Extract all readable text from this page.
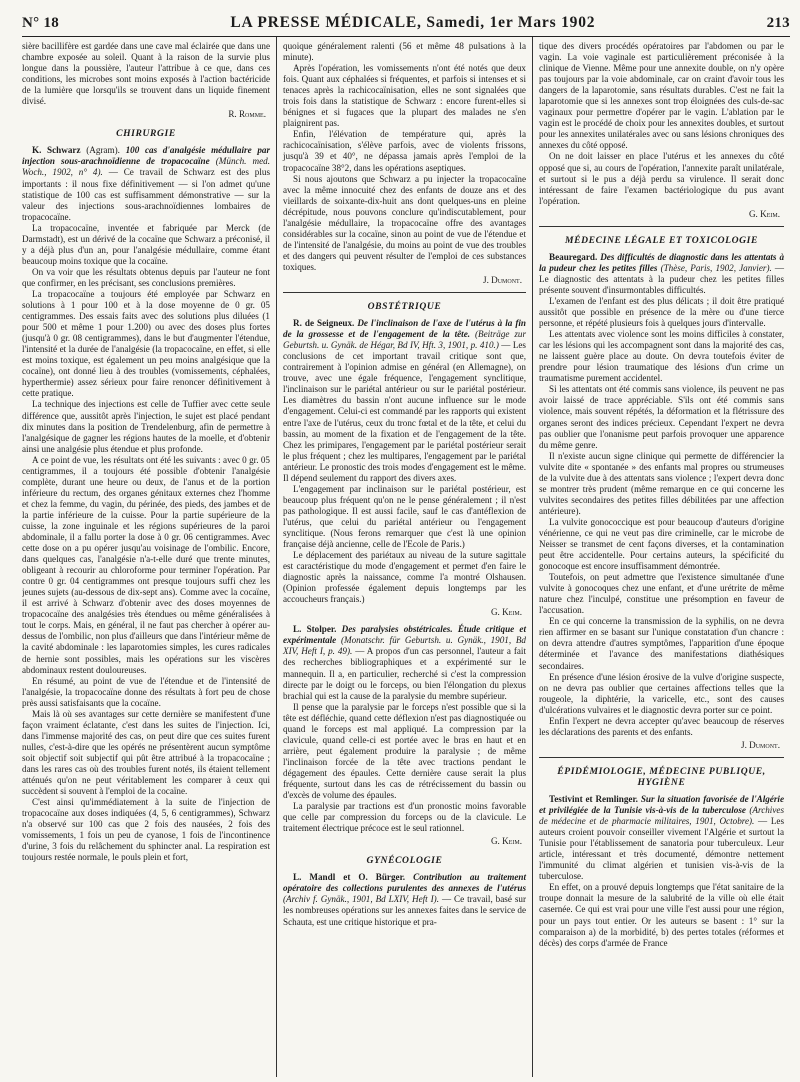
N° 18	LA PRESSE MÉDICALE, Samedi, 1er Mars 1902	213

sière bacillifère est gardée dans une cave mal éclairée que dans une chambre exposée au soleil. Quant à la raison de la survie plus longue dans la poussière, l'auteur l'attribue à ce que, dans ces conditions, les microbes sont moins exposés à l'action bactéricide de la lumière que lorsqu'ils se trouvent dans un liquide finement divisé.

R. Romme.

CHIRURGIE

K. Schwarz (Agram). 100 cas d'analgésie médullaire par injection sous-arachnoïdienne de tropacocaïne (Münch. med. Woch., 1902, n° 4). — Ce travail de Schwarz est des plus importants : il nous fixe définitivement — si l'on admet qu'une statistique de 100 cas est suffisamment démonstrative — sur la valeur des injections sous-arachnoïdiennes lombaires de tropacocaïne.

La tropacocaïne, inventée et fabriquée par Merck (de Darmstadt), est un dérivé de la cocaïne que Schwarz a préconisé, il y a déjà plus d'un an, pour l'analgésie médullaire, comme étant beaucoup moins toxique que la cocaïne.

On va voir que les résultats obtenus depuis par l'auteur ne font que confirmer, en les précisant, ses conclusions premières.

La tropacocaïne a toujours été employée par Schwarz en solutions à 1 pour 100 et à la dose moyenne de 0 gr. 05 centigrammes. Des essais faits avec des solutions plus diluées (1 pour 500 et même 1 pour 1.200) ou avec des doses plus fortes (jusqu'à 0 gr. 08 centigrammes), dans le but d'augmenter l'étendue, l'intensité et la durée de l'analgésie (la tropacocaïne, en effet, si elle est moins toxique, est également un peu moins analgésique que la cocaïne), ont donné lieu à des troubles (vomissements, céphalées, hyperthermie) assez sérieux pour faire renoncer définitivement à cette pratique.

La technique des injections est celle de Tuffier avec cette seule différence que, aussitôt après l'injection, le sujet est placé pendant dix minutes dans la position de Trendelenburg, afin de permettre à l'analgésique de gagner les régions hautes de la moelle, et d'obtenir ainsi une analgésie plus étendue et plus profonde.

A ce point de vue, les résultats ont été les suivants : avec 0 gr. 05 centigrammes, il a toujours été possible d'obtenir l'analgésie complète, durant une heure ou deux, de l'anus et de la portion inférieure du rectum, des organes génitaux externes chez l'homme et chez la femme, du vagin, du périnée, des pieds, des jambes et de la partie inférieure de la cuisse. Pour la partie supérieure de la cuisse, la zone inguinale et les régions supérieures de la paroi abdominale, il a fallu porter la dose à 0 gr. 06 centigrammes. Avec cette dose on a pu opérer jusqu'au voisinage de l'ombilic. Encore, dans quelques cas, l'analgésie n'a-t-elle duré que trente minutes, obligeant à recourir au chloroforme pour terminer l'opération. Par contre 0 gr. 04 centigrammes ont presque toujours suffi chez les jeunes sujets (au-dessous de dix-sept ans). Comme avec la cocaïne, il est arrivé à Schwarz d'obtenir avec des doses moyennes de tropacocaïne des analgésies très étendues ou même généralisées à tout le corps. Mais, en général, il ne faut pas chercher à opérer au-dessus de l'ombilic, non plus d'ailleurs que dans l'intérieur même de la cavité abdominale : les laparotomies simples, les cures radicales de hernie sont possibles, mais les opérations sur les viscères abdominaux restent douloureuses.

En résumé, au point de vue de l'étendue et de l'intensité de l'analgésie, la tropacocaïne donne des résultats à fort peu de chose près aussi satisfaisants que la cocaïne.

Mais là où ses avantages sur cette dernière se manifestent d'une façon vraiment éclatante, c'est dans les suites de l'injection. Ici, dans l'immense majorité des cas, on peut dire que ces suites furent nulles, c'est-à-dire que les opérés ne présentèrent aucun symptôme soit objectif soit subjectif qui pût être attribué à la tropacocaïne ; dans les rares cas où des troubles furent notés, ils étaient tellement atténués qu'on ne peut véritablement les comparer à ceux qui succèdent si souvent à l'emploi de la cocaïne.

C'est ainsi qu'immédiatement à la suite de l'injection de tropacocaïne aux doses indiquées (4, 5, 6 centigrammes), Schwarz n'a observé sur 100 cas que 2 fois des nausées, 2 fois des vomissements, 1 fois un peu de cyanose, 1 fois de l'incontinence d'urine, 3 fois du relâchement du sphincter anal. La respiration est toujours restée normale, le pouls plein et fort,

quoique généralement ralenti (56 et même 48 pulsations à la minute).

Après l'opération, les vomissements n'ont été notés que deux fois. Quant aux céphalées si fréquentes, et parfois si intenses et si tenaces après la rachicocaïnisation, elles ne sont signalées que trois fois dans la statistique de Schwarz : encore furent-elles si bénignes et si fugaces que la plupart des malades ne s'en plaignirent pas.

Enfin, l'élévation de température qui, après la rachicocaïnisation, s'élève parfois, avec de violents frissons, jusqu'à 39 et 40°, ne dépassa jamais après l'emploi de la tropacocaïne 38°2, dans les opérations aseptiques.

Si nous ajoutons que Schwarz a pu injecter la tropacocaïne avec la même innocuité chez des enfants de douze ans et des vieillards de soixante-dix-huit ans dont quelques-uns en pleine décrépitude, nous pouvons conclure qu'indiscutablement, pour l'analgésie médullaire, la tropacocaïne offre des avantages considérables sur la cocaïne, sinon au point de vue de l'étendue et de l'intensité de l'analgésie, du moins au point de vue des troubles et des dangers qui peuvent résulter de l'emploi de ces substances toxiques.

J. Dumont.

OBSTÉTRIQUE

R. de Seigneux. De l'inclinaison de l'axe de l'utérus à la fin de la grossesse et de l'engagement de la tête. (Beiträge zur Geburtsh. u. Gynäk. de Hégar, Bd IV, Hft. 3, 1901, p. 410.) — Les conclusions de cet important travail critique sont que, contrairement à l'opinion admise en général (en Allemagne), on trouve, avec une égale fréquence, l'engagement synclitique, l'inclinaison sur le pariétal antérieur ou sur le pariétal postérieur. Les diamètres du bassin n'ont aucune influence sur le mode d'engagement. Celui-ci est commandé par les rapports qui existent entre l'axe de l'utérus, ceux du tronc fœtal et de la tête, et celui du bassin, au moment de la fixation et de l'engagement de la tête. Chez les primipares, l'engagement par le pariétal postérieur serait le plus fréquent ; chez les multipares, l'engagement par le pariétal antérieur. Le pronostic des trois modes d'engagement est le même. Il dépend seulement du rapport des divers axes.

L'engagement par inclinaison sur le pariétal postérieur, est beaucoup plus fréquent qu'on ne le pense généralement ; il n'est pas pathologique. Il est aussi facile, sauf le cas d'antéflexion de l'utérus, que celui du pariétal antérieur ou l'engagement synclitique. (Nous ferons remarquer que c'est là une opinion française déjà ancienne, celle de l'Ecole de Paris.)

Le déplacement des pariétaux au niveau de la suture sagittale est caractéristique du mode d'engagement et permet d'en faire le diagnostic après la naissance, comme l'a montré Olshausen. (Opinion professée également depuis longtemps par les accoucheurs français.)

G. Keim.

L. Stolper. Des paralysies obstétricales. Étude critique et expérimentale (Monatschr. für Geburtsh. u. Gynäk., 1901, Bd XIV, Heft I, p. 49). — A propos d'un cas personnel, l'auteur a fait des recherches bibliographiques et a expérimenté sur le mannequin. Il a, en particulier, recherché si c'est la compression directe par le doigt ou le forceps, ou bien l'élongation du plexus brachial qui est la cause de la paralysie du membre supérieur.

Il pense que la paralysie par le forceps n'est possible que si la tête est défléchie, quand cette déflexion n'est pas diagnostiquée ou quand le forceps est mal appliqué. La compression par la clavicule, quand celle-ci est portée avec le bras en haut et en arrière, peut également produire la paralysie ; de même l'inclinaison forcée de la tête avec tractions pendant le dégagement des épaules. Cette dernière cause serait la plus fréquente, surtout dans les cas de rétrécissement du bassin ou d'excès de volume des épaules.

La paralysie par tractions est d'un pronostic moins favorable que celle par compression du forceps ou de la clavicule. Le traitement électrique précoce est le seul rationnel.

G. Keim.

GYNÉCOLOGIE

L. Mandl et O. Bürger. Contribution au traitement opératoire des collections purulentes des annexes de l'utérus (Archiv f. Gynäk., 1901, Bd LXIV, Heft I). — Ce travail, basé sur les nombreuses opérations sur les annexes faites dans le service de Schauta, est une critique historique et pra-

tique des divers procédés opératoires par l'abdomen ou par le vagin. La voie vaginale est particulièrement préconisée à la clinique de Vienne. Même pour une annexite double, on n'y opère pas toujours par la voie abdominale, car on craint d'avoir tous les dangers de la laparotomie, sans résultats durables. C'est ne fait la laparotomie que si les annexes sont trop éloignées des culs-de-sac vaginaux pour permettre d'opérer par le vagin. L'ablation par le vagin est le procédé de choix pour les annexites doubles, et surtout pour les annexites unilatérales avec ou sans lésions chroniques des annexes du côté opposé.

On ne doit laisser en place l'utérus et les annexes du côté opposé que si, au cours de l'opération, l'annexite paraît unilatérale, et surtout si le pus a déjà perdu sa virulence. Il serait donc intéressant de faire l'examen bactériologique du pus avant l'opération.

G. Keim.

MÉDECINE LÉGALE ET TOXICOLOGIE

Beauregard. Des difficultés de diagnostic dans les attentats à la pudeur chez les petites filles (Thèse, Paris, 1902, Janvier). — Le diagnostic des attentats à la pudeur chez les petites filles présente souvent d'insurmontables difficultés.

L'examen de l'enfant est des plus délicats ; il doit être pratiqué aussitôt que possible en présence de la mère ou d'une tierce personne, et répété plusieurs fois à quelques jours d'intervalle.

Les attentats avec violence sont les moins difficiles à constater, car les lésions qui les accompagnent sont dans la majorité des cas, ne laissent guère place au doute. On devra toutefois éviter de prendre pour lésion traumatique des lésions d'un crime un traumatisme purement accidentel.

Si les attentats ont été commis sans violence, ils peuvent ne pas avoir laissé de trace appréciable. S'ils ont été commis sans violence, mais souvent répétés, la déformation et la flétrissure des organes seront des indices précieux. Cependant l'expert ne devra pas oublier que l'onanisme peut parfois provoquer une apparence du même genre.

Il n'existe aucun signe clinique qui permette de différencier la vulvite dite « spontanée » des enfants mal propres ou strumeuses de la vulvite due à des attentats sans violence ; l'expert devra donc se montrer très prudent (même remarque en ce qui concerne les vulvites secondaires des petites filles débilitées par une affection antérieure).

La vulvite gonococcique est pour beaucoup d'auteurs d'origine vénérienne, ce qui ne veut pas dire criminelle, car le microbe de Neisser se transmet de cent façons diverses, et la contamination peut être accidentelle. Pour certains auteurs, la spécificité du gonocoque est encore insuffisamment démontrée.

Toutefois, on peut admettre que l'existence simultanée d'une vulvite à gonocoques chez une enfant, et d'une urétrite de même nature chez l'inculpé, constitue une présomption en faveur de l'accusation.

En ce qui concerne la transmission de la syphilis, on ne devra rien affirmer en se basant sur l'unique constatation d'un chancre : on devra attendre d'autres symptômes, l'apparition d'une époque déterminée et l'avance des manifestations diathésiques secondaires.

En présence d'une lésion érosive de la vulve d'origine suspecte, on ne devra pas oublier que certaines affections telles que la rougeole, la diphtérie, la varicelle, etc., sont des causes d'ulcérations vulvaires et le diagnostic devra porter sur ce point.

Enfin l'expert ne devra accepter qu'avec beaucoup de réserves les déclarations des parents et des enfants.

J. Dumont.

ÉPIDÉMIOLOGIE, MÉDECINE PUBLIQUE, HYGIÈNE

Testivint et Remlinger. Sur la situation favorisée de l'Algérie et privilégiée de la Tunisie vis-à-vis de la tuberculose (Archives de médecine et de pharmacie militaires, 1901, Octobre). — Les auteurs croient pouvoir conseiller vivement l'Algérie et surtout la Tunisie pour l'établissement de sanatoria pour tuberculeux. Leur article, intéressant et très documenté, démontre nettement l'immunité du climat algérien et tunisien vis-à-vis de la tuberculose.

En effet, on a prouvé depuis longtemps que l'état sanitaire de la troupe donnait la mesure de la salubrité de la ville où elle était casernée. Ce qui est vrai pour une ville l'est aussi pour une région, pour un pays tout entier. Or les auteurs se basent : 1° sur la comparaison a) de la morbidité, b) des pertes totales (réformes et décès) des corps d'armée de France
